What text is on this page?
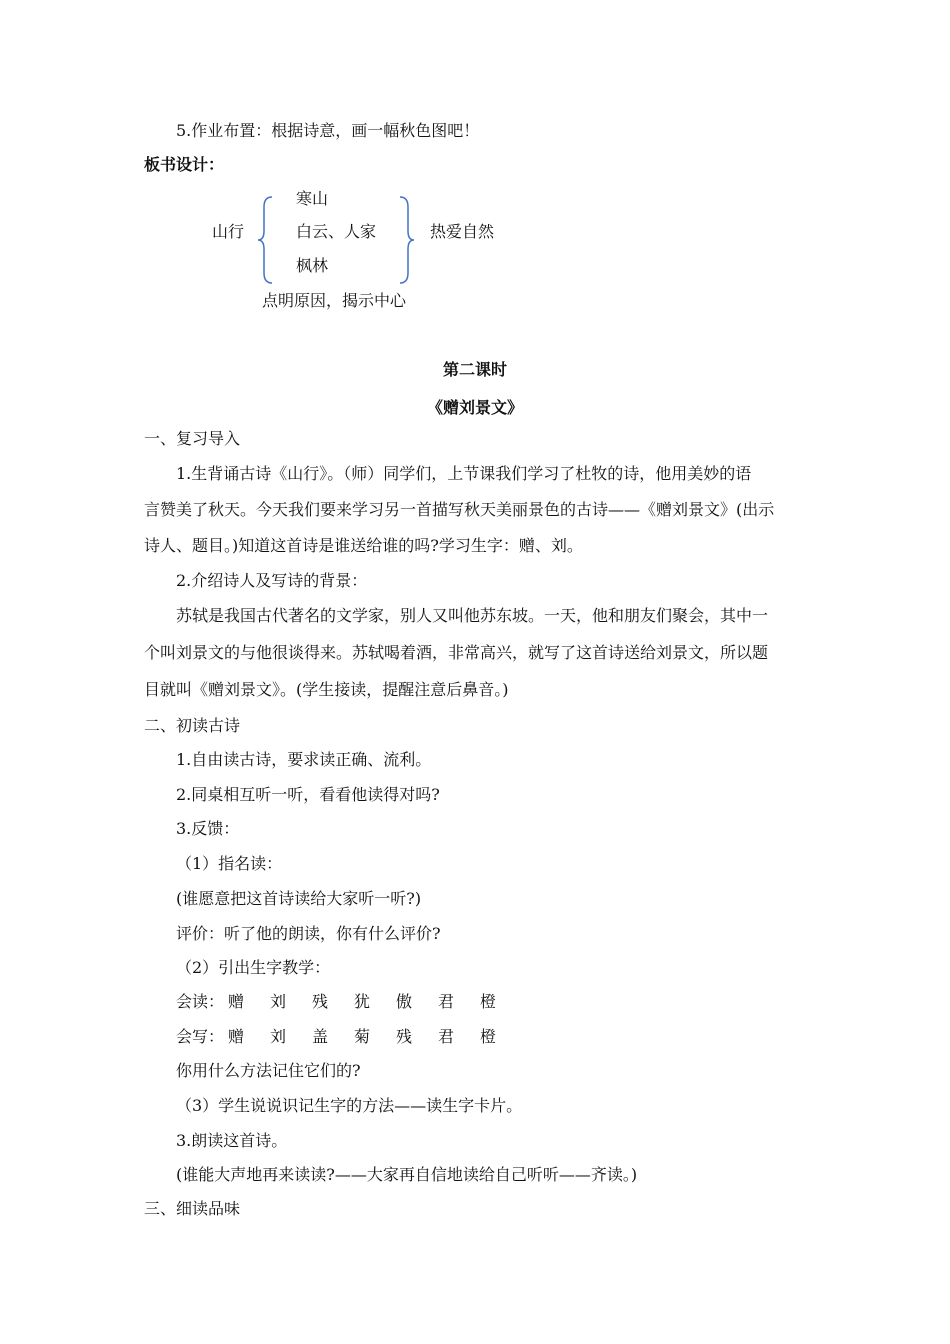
5.作业布置：根据诗意，画一幅秋色图吧！
板书设计：
山行
寒山
白云、人家
枫林
热爱自然
点明原因，揭示中心
第二课时
《赠刘景文》
一、复习导入
1.生背诵古诗《山行》。（师）同学们，上节课我们学习了杜牧的诗，他用美妙的语
言赞美了秋天。今天我们要来学习另一首描写秋天美丽景色的古诗——《赠刘景文》(出示
诗人、题目。)知道这首诗是谁送给谁的吗?学习生字：赠、刘。
2.介绍诗人及写诗的背景：
苏轼是我国古代著名的文学家，别人又叫他苏东坡。一天，他和朋友们聚会，其中一
个叫刘景文的与他很谈得来。苏轼喝着酒，非常高兴，就写了这首诗送给刘景文，所以题
目就叫《赠刘景文》。(学生接读，提醒注意后鼻音。)
二、初读古诗
1.自由读古诗，要求读正确、流利。
2.同桌相互听一听，看看他读得对吗?
3.反馈：
（1）指名读：
(谁愿意把这首诗读给大家听一听?)
评价：听了他的朗读，你有什么评价?
（2）引出生字教学：
会读： 赠 刘 残 犹 傲 君 橙
会写： 赠 刘 盖 菊 残 君 橙
你用什么方法记住它们的?
（3）学生说说识记生字的方法——读生字卡片。
3.朗读这首诗。
(谁能大声地再来读读?——大家再自信地读给自己听听——齐读。)
三、细读品味
